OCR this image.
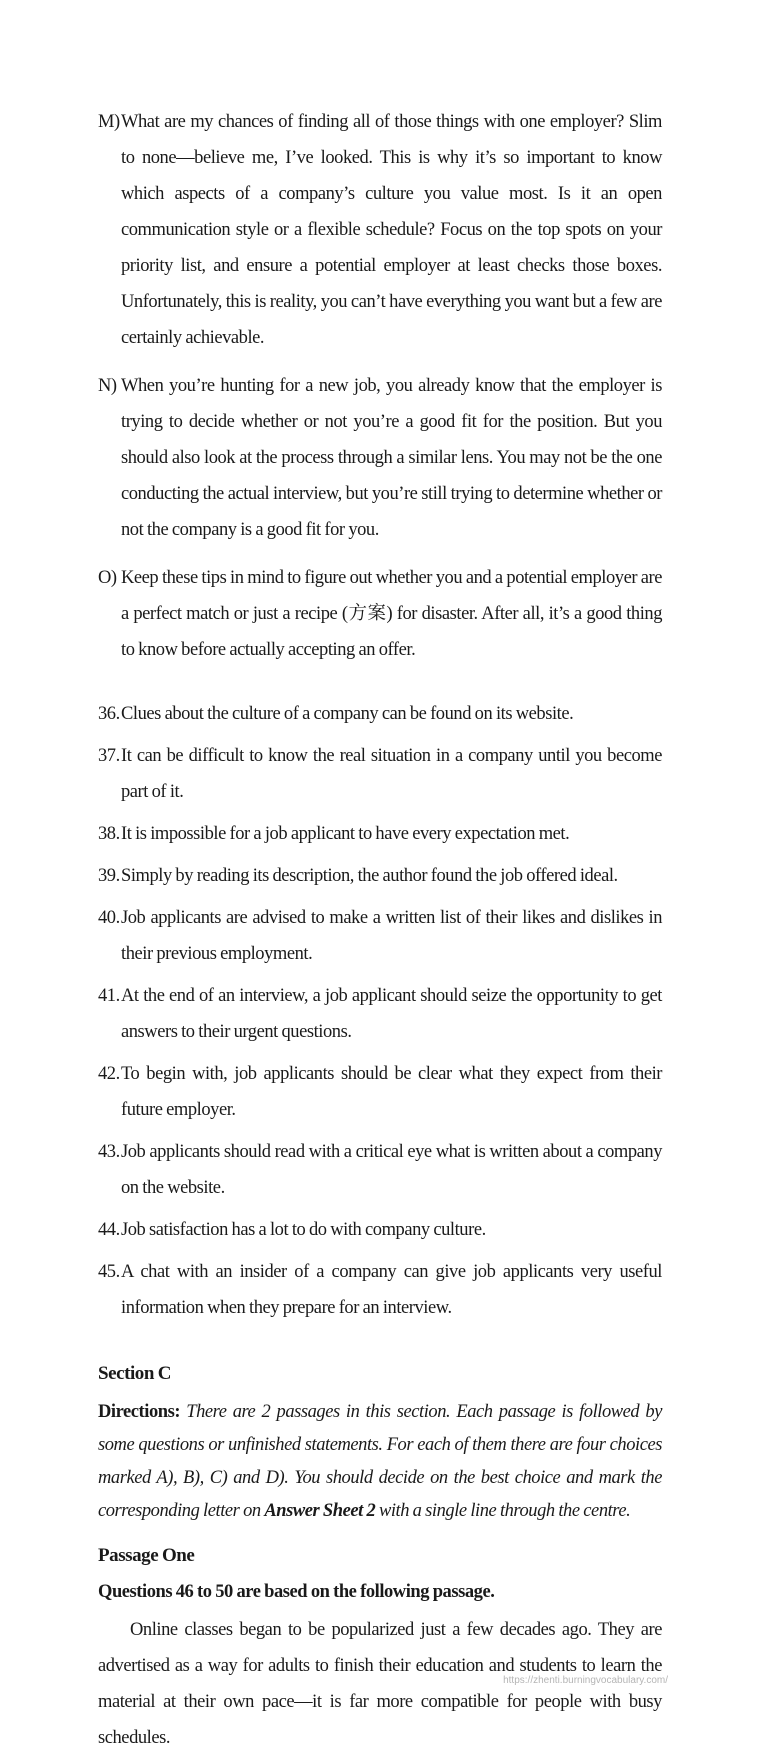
M)What are my chances of finding all of those things with one employer? Slim to none—believe me, I’ve looked. This is why it’s so important to know which aspects of a company’s culture you value most. Is it an open communication style or a flexible schedule? Focus on the top spots on your priority list, and ensure a potential employer at least checks those boxes. Unfortunately, this is reality, you can’t have everything you want but a few are certainly achievable.

N) When you’re hunting for a new job, you already know that the employer is trying to decide whether or not you’re a good fit for the position. But you should also look at the process through a similar lens. You may not be the one conducting the actual interview, but you’re still trying to determine whether or not the company is a good fit for you.

O) Keep these tips in mind to figure out whether you and a potential employer are a perfect match or just a recipe (方案) for disaster. After all, it’s a good thing to know before actually accepting an offer.

36.Clues about the culture of a company can be found on its website.

37.It can be difficult to know the real situation in a company until you become part of it.

38.It is impossible for a job applicant to have every expectation met.

39.Simply by reading its description, the author found the job offered ideal.

40.Job applicants are advised to make a written list of their likes and dislikes in their previous employment.

41.At the end of an interview, a job applicant should seize the opportunity to get answers to their urgent questions.

42.To begin with, job applicants should be clear what they expect from their future employer.

43.Job applicants should read with a critical eye what is written about a company on the website.

44.Job satisfaction has a lot to do with company culture.

45.A chat with an insider of a company can give job applicants very useful information when they prepare for an interview.

Section C

Directions: There are 2 passages in this section. Each passage is followed by some questions or unfinished statements. For each of them there are four choices marked A), B), C) and D). You should decide on the best choice and mark the corresponding letter on Answer Sheet 2 with a single line through the centre.

Passage One

Questions 46 to 50 are based on the following passage.

Online classes began to be popularized just a few decades ago. They are advertised as a way for adults to finish their education and students to learn the material at their own pace—it is far more compatible for people with busy schedules.

https://zhenti.burningvocabulary.com/
